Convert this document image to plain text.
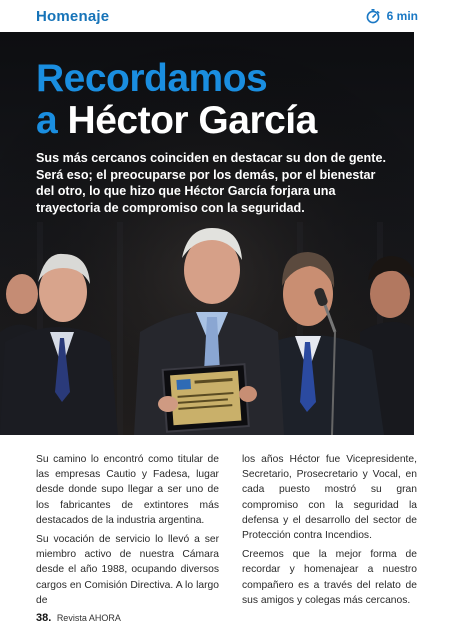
Homenaje	6 min
Recordamos
a Héctor García

Sus más cercanos coinciden en destacar su don de gente. Será eso; el preocuparse por los demás, por el bienestar del otro, lo que hizo que Héctor García forjara una trayectoria de compromiso con la seguridad.

Su camino lo encontró como titular de las empresas Cautio y Fadesa, lugar desde donde supo llegar a ser uno de los fabricantes de extintores más destacados de la industria argentina.

Su vocación de servicio lo llevó a ser miembro activo de nuestra Cámara desde el año 1988, ocupando diversos cargos en Comisión Directiva. A lo largo de

los años Héctor fue Vicepresidente, Secretario, Prosecretario y Vocal, en cada puesto mostró su gran compromiso con la seguridad la defensa y el desarrollo del sector de Protección contra Incendios.

Creemos que la mejor forma de recordar y homenajear a nuestro compañero es a través del relato de sus amigos y colegas más cercanos.

38. Revista AHORA
